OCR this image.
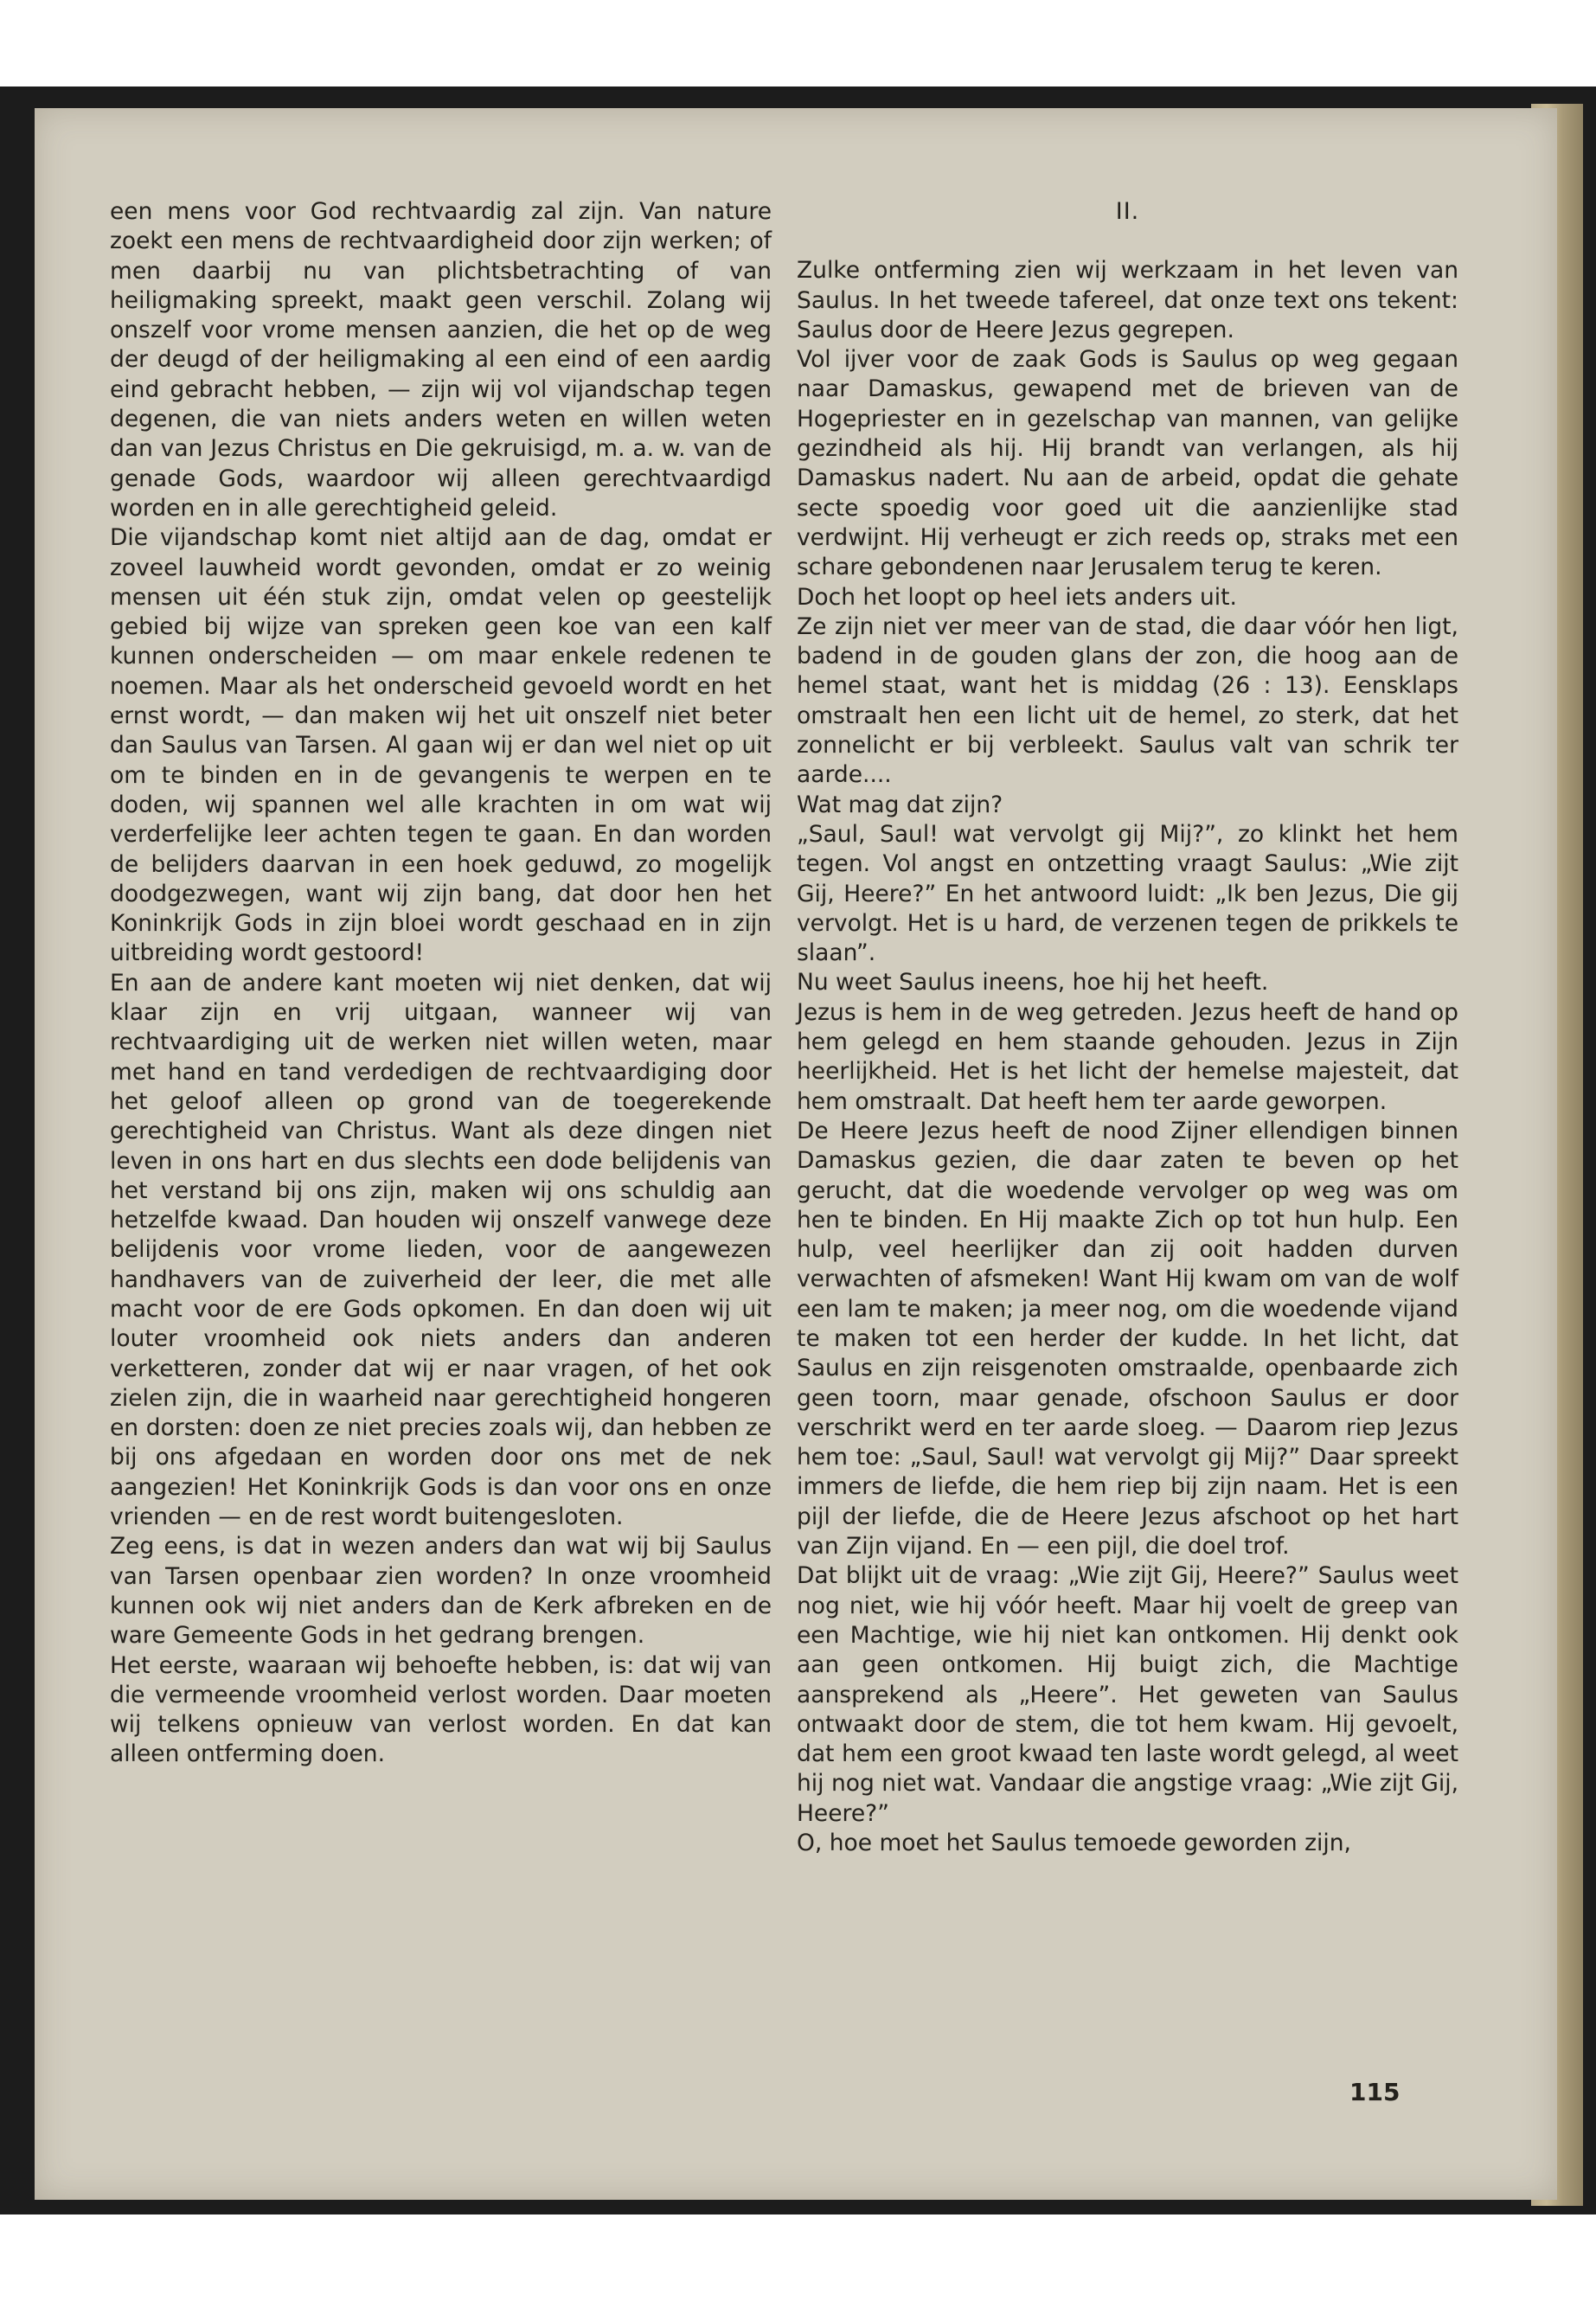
een mens voor God rechtvaardig zal zijn. Van nature zoekt een mens de rechtvaardigheid door zijn werken; of men daarbij nu van plichtsbetrachting of van heiligmaking spreekt, maakt geen verschil. Zolang wij onszelf voor vrome mensen aanzien, die het op de weg der deugd of der heiligmaking al een eind of een aardig eind gebracht hebben, — zijn wij vol vijandschap tegen degenen, die van niets anders weten en willen weten dan van Jezus Christus en Die gekruisigd, m. a. w. van de genade Gods, waardoor wij alleen gerechtvaardigd worden en in alle gerechtigheid geleid.

Die vijandschap komt niet altijd aan de dag, omdat er zoveel lauwheid wordt gevonden, omdat er zo weinig mensen uit één stuk zijn, omdat velen op geestelijk gebied bij wijze van spreken geen koe van een kalf kunnen onderscheiden — om maar enkele redenen te noemen. Maar als het onderscheid gevoeld wordt en het ernst wordt, — dan maken wij het uit onszelf niet beter dan Saulus van Tarsen. Al gaan wij er dan wel niet op uit om te binden en in de gevangenis te werpen en te doden, wij spannen wel alle krachten in om wat wij verderfelijke leer achten tegen te gaan. En dan worden de belijders daarvan in een hoek geduwd, zo mogelijk doodgezwegen, want wij zijn bang, dat door hen het Koninkrijk Gods in zijn bloei wordt geschaad en in zijn uitbreiding wordt gestoord!

En aan de andere kant moeten wij niet denken, dat wij klaar zijn en vrij uitgaan, wanneer wij van rechtvaardiging uit de werken niet willen weten, maar met hand en tand verdedigen de rechtvaardiging door het geloof alleen op grond van de toegerekende gerechtigheid van Christus. Want als deze dingen niet leven in ons hart en dus slechts een dode belijdenis van het verstand bij ons zijn, maken wij ons schuldig aan hetzelfde kwaad. Dan houden wij onszelf vanwege deze belijdenis voor vrome lieden, voor de aangewezen handhavers van de zuiverheid der leer, die met alle macht voor de ere Gods opkomen. En dan doen wij uit louter vroomheid ook niets anders dan anderen verketteren, zonder dat wij er naar vragen, of het ook zielen zijn, die in waarheid naar gerechtigheid hongeren en dorsten: doen ze niet precies zoals wij, dan hebben ze bij ons afgedaan en worden door ons met de nek aangezien! Het Koninkrijk Gods is dan voor ons en onze vrienden — en de rest wordt buitengesloten.

Zeg eens, is dat in wezen anders dan wat wij bij Saulus van Tarsen openbaar zien worden? In onze vroomheid kunnen ook wij niet anders dan de Kerk afbreken en de ware Gemeente Gods in het gedrang brengen.

Het eerste, waaraan wij behoefte hebben, is: dat wij van die vermeende vroomheid verlost worden. Daar moeten wij telkens opnieuw van verlost worden. En dat kan alleen ontferming doen.

II.

Zulke ontferming zien wij werkzaam in het leven van Saulus. In het tweede tafereel, dat onze text ons tekent: Saulus door de Heere Jezus gegrepen.

Vol ijver voor de zaak Gods is Saulus op weg gegaan naar Damaskus, gewapend met de brieven van de Hogepriester en in gezelschap van mannen, van gelijke gezindheid als hij. Hij brandt van verlangen, als hij Damaskus nadert. Nu aan de arbeid, opdat die gehate secte spoedig voor goed uit die aanzienlijke stad verdwijnt. Hij verheugt er zich reeds op, straks met een schare gebondenen naar Jerusalem terug te keren.

Doch het loopt op heel iets anders uit.

Ze zijn niet ver meer van de stad, die daar vóór hen ligt, badend in de gouden glans der zon, die hoog aan de hemel staat, want het is middag (26 : 13). Eensklaps omstraalt hen een licht uit de hemel, zo sterk, dat het zonnelicht er bij verbleekt. Saulus valt van schrik ter aarde....

Wat mag dat zijn?

„Saul, Saul! wat vervolgt gij Mij?”, zo klinkt het hem tegen. Vol angst en ontzetting vraagt Saulus: „Wie zijt Gij, Heere?” En het antwoord luidt: „Ik ben Jezus, Die gij vervolgt. Het is u hard, de verzenen tegen de prikkels te slaan”.

Nu weet Saulus ineens, hoe hij het heeft.

Jezus is hem in de weg getreden. Jezus heeft de hand op hem gelegd en hem staande gehouden. Jezus in Zijn heerlijkheid. Het is het licht der hemelse majesteit, dat hem omstraalt. Dat heeft hem ter aarde geworpen.

De Heere Jezus heeft de nood Zijner ellendigen binnen Damaskus gezien, die daar zaten te beven op het gerucht, dat die woedende vervolger op weg was om hen te binden. En Hij maakte Zich op tot hun hulp. Een hulp, veel heerlijker dan zij ooit hadden durven verwachten of afsmeken! Want Hij kwam om van de wolf een lam te maken; ja meer nog, om die woedende vijand te maken tot een herder der kudde. In het licht, dat Saulus en zijn reisgenoten omstraalde, openbaarde zich geen toorn, maar genade, ofschoon Saulus er door verschrikt werd en ter aarde sloeg. — Daarom riep Jezus hem toe: „Saul, Saul! wat vervolgt gij Mij?” Daar spreekt immers de liefde, die hem riep bij zijn naam. Het is een pijl der liefde, die de Heere Jezus afschoot op het hart van Zijn vijand. En — een pijl, die doel trof.

Dat blijkt uit de vraag: „Wie zijt Gij, Heere?” Saulus weet nog niet, wie hij vóór heeft. Maar hij voelt de greep van een Machtige, wie hij niet kan ontkomen. Hij denkt ook aan geen ontkomen. Hij buigt zich, die Machtige aansprekend als „Heere”. Het geweten van Saulus ontwaakt door de stem, die tot hem kwam. Hij gevoelt, dat hem een groot kwaad ten laste wordt gelegd, al weet hij nog niet wat. Vandaar die angstige vraag: „Wie zijt Gij, Heere?”

O, hoe moet het Saulus temoede geworden zijn,

115
